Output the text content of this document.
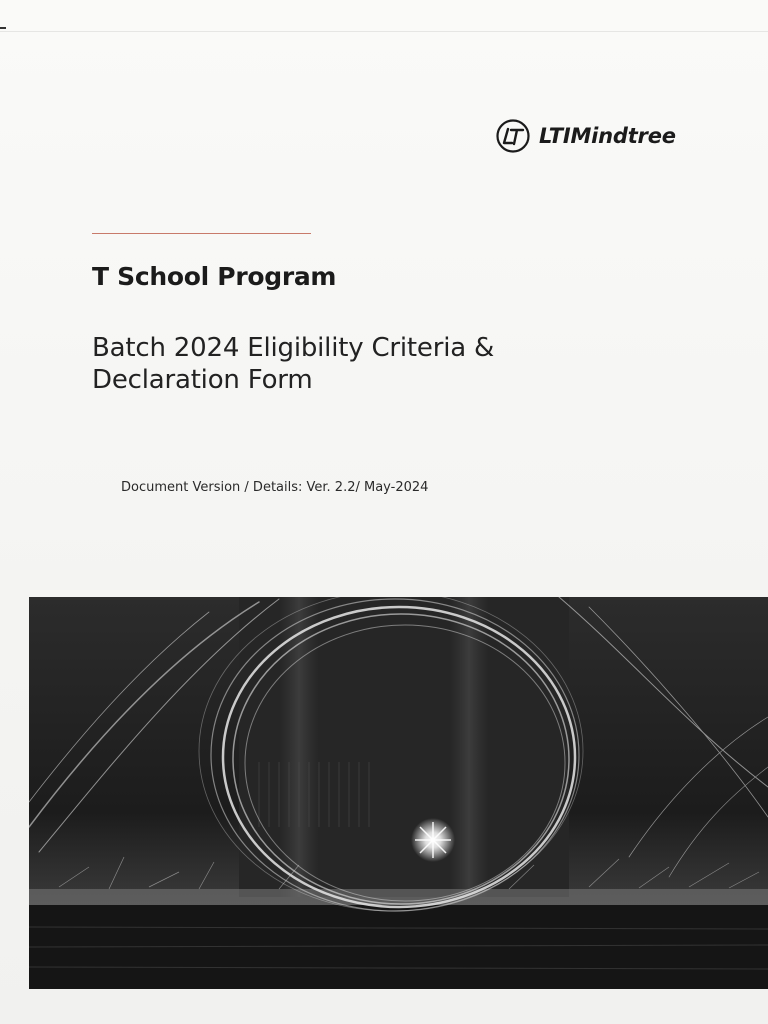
LTIMindtree
T School Program
Batch 2024 Eligibility Criteria &
Declaration Form
Document Version / Details: Ver. 2.2/ May-2024
